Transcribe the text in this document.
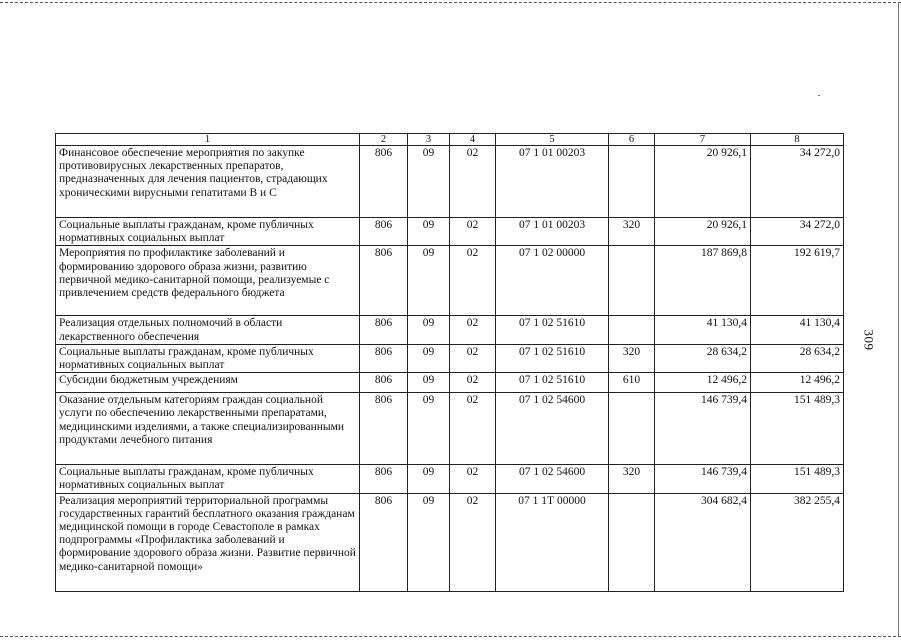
309
1	2	3	4	5	6	7	8
Финансовое обеспечение мероприятия по закупке противовирусных лекарственных препаратов, предназначенных для лечения пациентов, страдающих хроническими вирусными гепатитами В и С	806	09	02	07 1 01 00203		20 926,1	34 272,0
Социальные выплаты гражданам, кроме публичных нормативных социальных выплат	806	09	02	07 1 01 00203	320	20 926,1	34 272,0
Мероприятия по профилактике заболеваний и формированию здорового образа жизни, развитию первичной медико-санитарной помощи, реализуемые с привлечением средств федерального бюджета	806	09	02	07 1 02 00000		187 869,8	192 619,7
Реализация отдельных полномочий в области лекарственного обеспечения	806	09	02	07 1 02 51610		41 130,4	41 130,4
Социальные выплаты гражданам, кроме публичных нормативных социальных выплат	806	09	02	07 1 02 51610	320	28 634,2	28 634,2
Субсидии бюджетным учреждениям	806	09	02	07 1 02 51610	610	12 496,2	12 496,2
Оказание отдельным категориям граждан социальной услуги по обеспечению лекарственными препаратами, медицинскими изделиями, а также специализированными продуктами лечебного питания	806	09	02	07 1 02 54600		146 739,4	151 489,3
Социальные выплаты гражданам, кроме публичных нормативных социальных выплат	806	09	02	07 1 02 54600	320	146 739,4	151 489,3
Реализация мероприятий территориальной программы государственных гарантий бесплатного оказания гражданам медицинской помощи в городе Севастополе в рамках подпрограммы «Профилактика заболеваний и формирование здорового образа жизни. Развитие первичной медико-санитарной помощи»	806	09	02	07 1 1Т 00000		304 682,4	382 255,4
